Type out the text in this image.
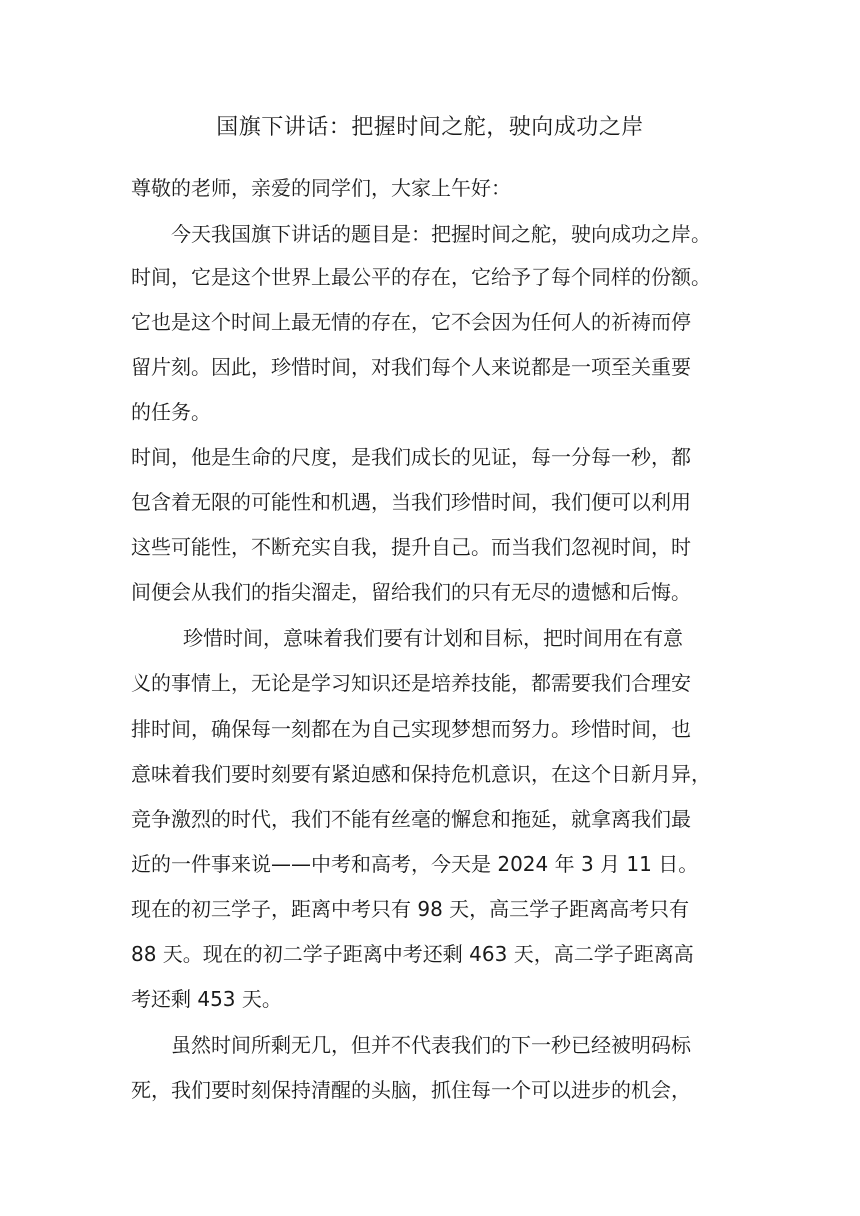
国旗下讲话：把握时间之舵，驶向成功之岸
尊敬的老师，亲爱的同学们，大家上午好：
今天我国旗下讲话的题目是：把握时间之舵，驶向成功之岸。
时间，它是这个世界上最公平的存在，它给予了每个同样的份额。
它也是这个时间上最无情的存在，它不会因为任何人的祈祷而停
留片刻。因此，珍惜时间，对我们每个人来说都是一项至关重要
的任务。
时间，他是生命的尺度，是我们成长的见证，每一分每一秒，都
包含着无限的可能性和机遇，当我们珍惜时间，我们便可以利用
这些可能性，不断充实自我，提升自己。而当我们忽视时间，时
间便会从我们的指尖溜走，留给我们的只有无尽的遗憾和后悔。
珍惜时间，意味着我们要有计划和目标，把时间用在有意
义的事情上，无论是学习知识还是培养技能，都需要我们合理安
排时间，确保每一刻都在为自己实现梦想而努力。珍惜时间，也
意味着我们要时刻要有紧迫感和保持危机意识，在这个日新月异，
竞争激烈的时代，我们不能有丝毫的懈怠和拖延，就拿离我们最
近的一件事来说——中考和高考，今天是 2024 年 3 月 11 日。
现在的初三学子，距离中考只有 98 天，高三学子距离高考只有
88 天。现在的初二学子距离中考还剩 463 天，高二学子距离高
考还剩 453 天。
虽然时间所剩无几，但并不代表我们的下一秒已经被明码标
死，我们要时刻保持清醒的头脑，抓住每一个可以进步的机会，
